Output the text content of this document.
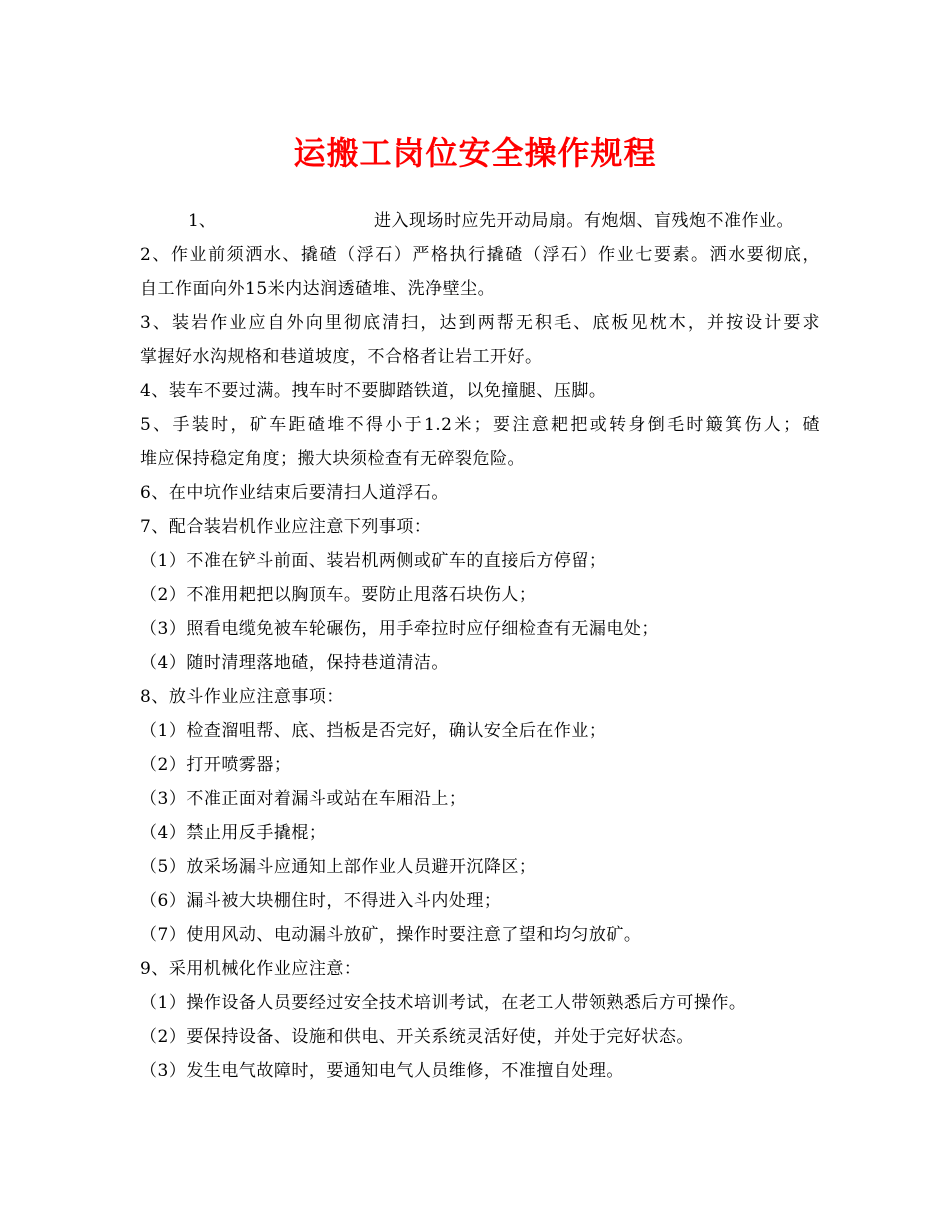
运搬工岗位安全操作规程
1、	进入现场时应先开动局扇。有炮烟、盲残炮不准作业。
2、作业前须洒水、撬碴（浮石）严格执行撬碴（浮石）作业七要素。洒水要彻底，
自工作面向外15米内达润透碴堆、洗净壁尘。
3、装岩作业应自外向里彻底清扫，达到两帮无积毛、底板见枕木，并按设计要求
掌握好水沟规格和巷道坡度，不合格者让岩工开好。
4、装车不要过满。拽车时不要脚踏铁道，以免撞腿、压脚。
5、手装时，矿车距碴堆不得小于1.2米；要注意耙把或转身倒毛时簸箕伤人；碴
堆应保持稳定角度；搬大块须检查有无碎裂危险。
6、在中坑作业结束后要清扫人道浮石。
7、配合装岩机作业应注意下列事项：
（1）不准在铲斗前面、装岩机两侧或矿车的直接后方停留；
（2）不准用耙把以胸顶车。要防止甩落石块伤人；
（3）照看电缆免被车轮碾伤，用手牵拉时应仔细检查有无漏电处；
（4）随时清理落地碴，保持巷道清洁。
8、放斗作业应注意事项：
（1）检查溜咀帮、底、挡板是否完好，确认安全后在作业；
（2）打开喷雾器；
（3）不准正面对着漏斗或站在车厢沿上；
（4）禁止用反手撬棍；
（5）放采场漏斗应通知上部作业人员避开沉降区；
（6）漏斗被大块棚住时，不得进入斗内处理；
（7）使用风动、电动漏斗放矿，操作时要注意了望和均匀放矿。
9、采用机械化作业应注意：
（1）操作设备人员要经过安全技术培训考试，在老工人带领熟悉后方可操作。
（2）要保持设备、设施和供电、开关系统灵活好使，并处于完好状态。
（3）发生电气故障时，要通知电气人员维修，不准擅自处理。
